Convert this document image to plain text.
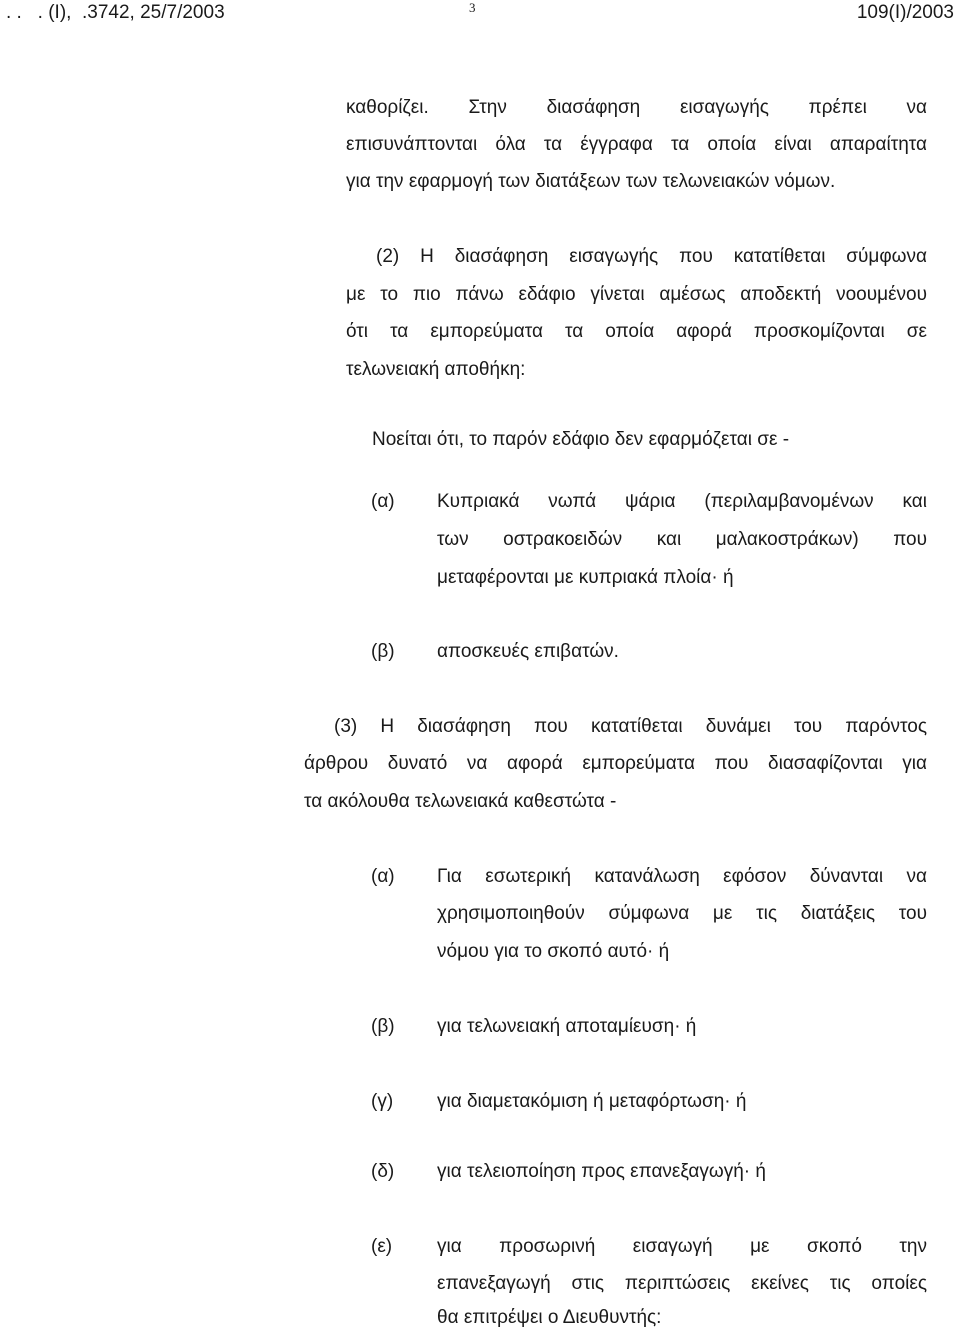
. .   . (Ι),  .3742, 25/7/2003	3	109(Ι)/2003
καθορίζει. Στην διασάφηση εισαγωγής πρέπει να
επισυνάπτονται όλα τα έγγραφα τα οποία είναι απαραίτητα
για την εφαρμογή των διατάξεων των τελωνειακών νόμων.
(2) Η διασάφηση εισαγωγής που κατατίθεται σύμφωνα
με το πιο πάνω εδάφιο γίνεται αμέσως αποδεκτή νοουμένου
ότι τα εμπορεύματα τα οποία αφορά προσκομίζονται σε
τελωνειακή αποθήκη:
Νοείται ότι, το παρόν εδάφιο δεν εφαρμόζεται σε -
(α) Κυπριακά νωπά ψάρια (περιλαμβανομένων και
των οστρακοειδών και μαλακοστράκων) που
μεταφέρονται με κυπριακά πλοία· ή
(β) αποσκευές επιβατών.
(3) Η διασάφηση που κατατίθεται δυνάμει του παρόντος
άρθρου δυνατό να αφορά εμπορεύματα που διασαφίζονται για
τα ακόλουθα τελωνειακά καθεστώτα -
(α) Για εσωτερική κατανάλωση εφόσον δύνανται να
χρησιμοποιηθούν σύμφωνα με τις διατάξεις του
νόμου για το σκοπό αυτό· ή
(β) για τελωνειακή αποταμίευση· ή
(γ) για διαμετακόμιση ή μεταφόρτωση· ή
(δ) για τελειοποίηση προς επανεξαγωγή· ή
(ε) για προσωρινή εισαγωγή με σκοπό την
επανεξαγωγή στις περιπτώσεις εκείνες τις οποίες
θα επιτρέψει ο Διευθυντής:
